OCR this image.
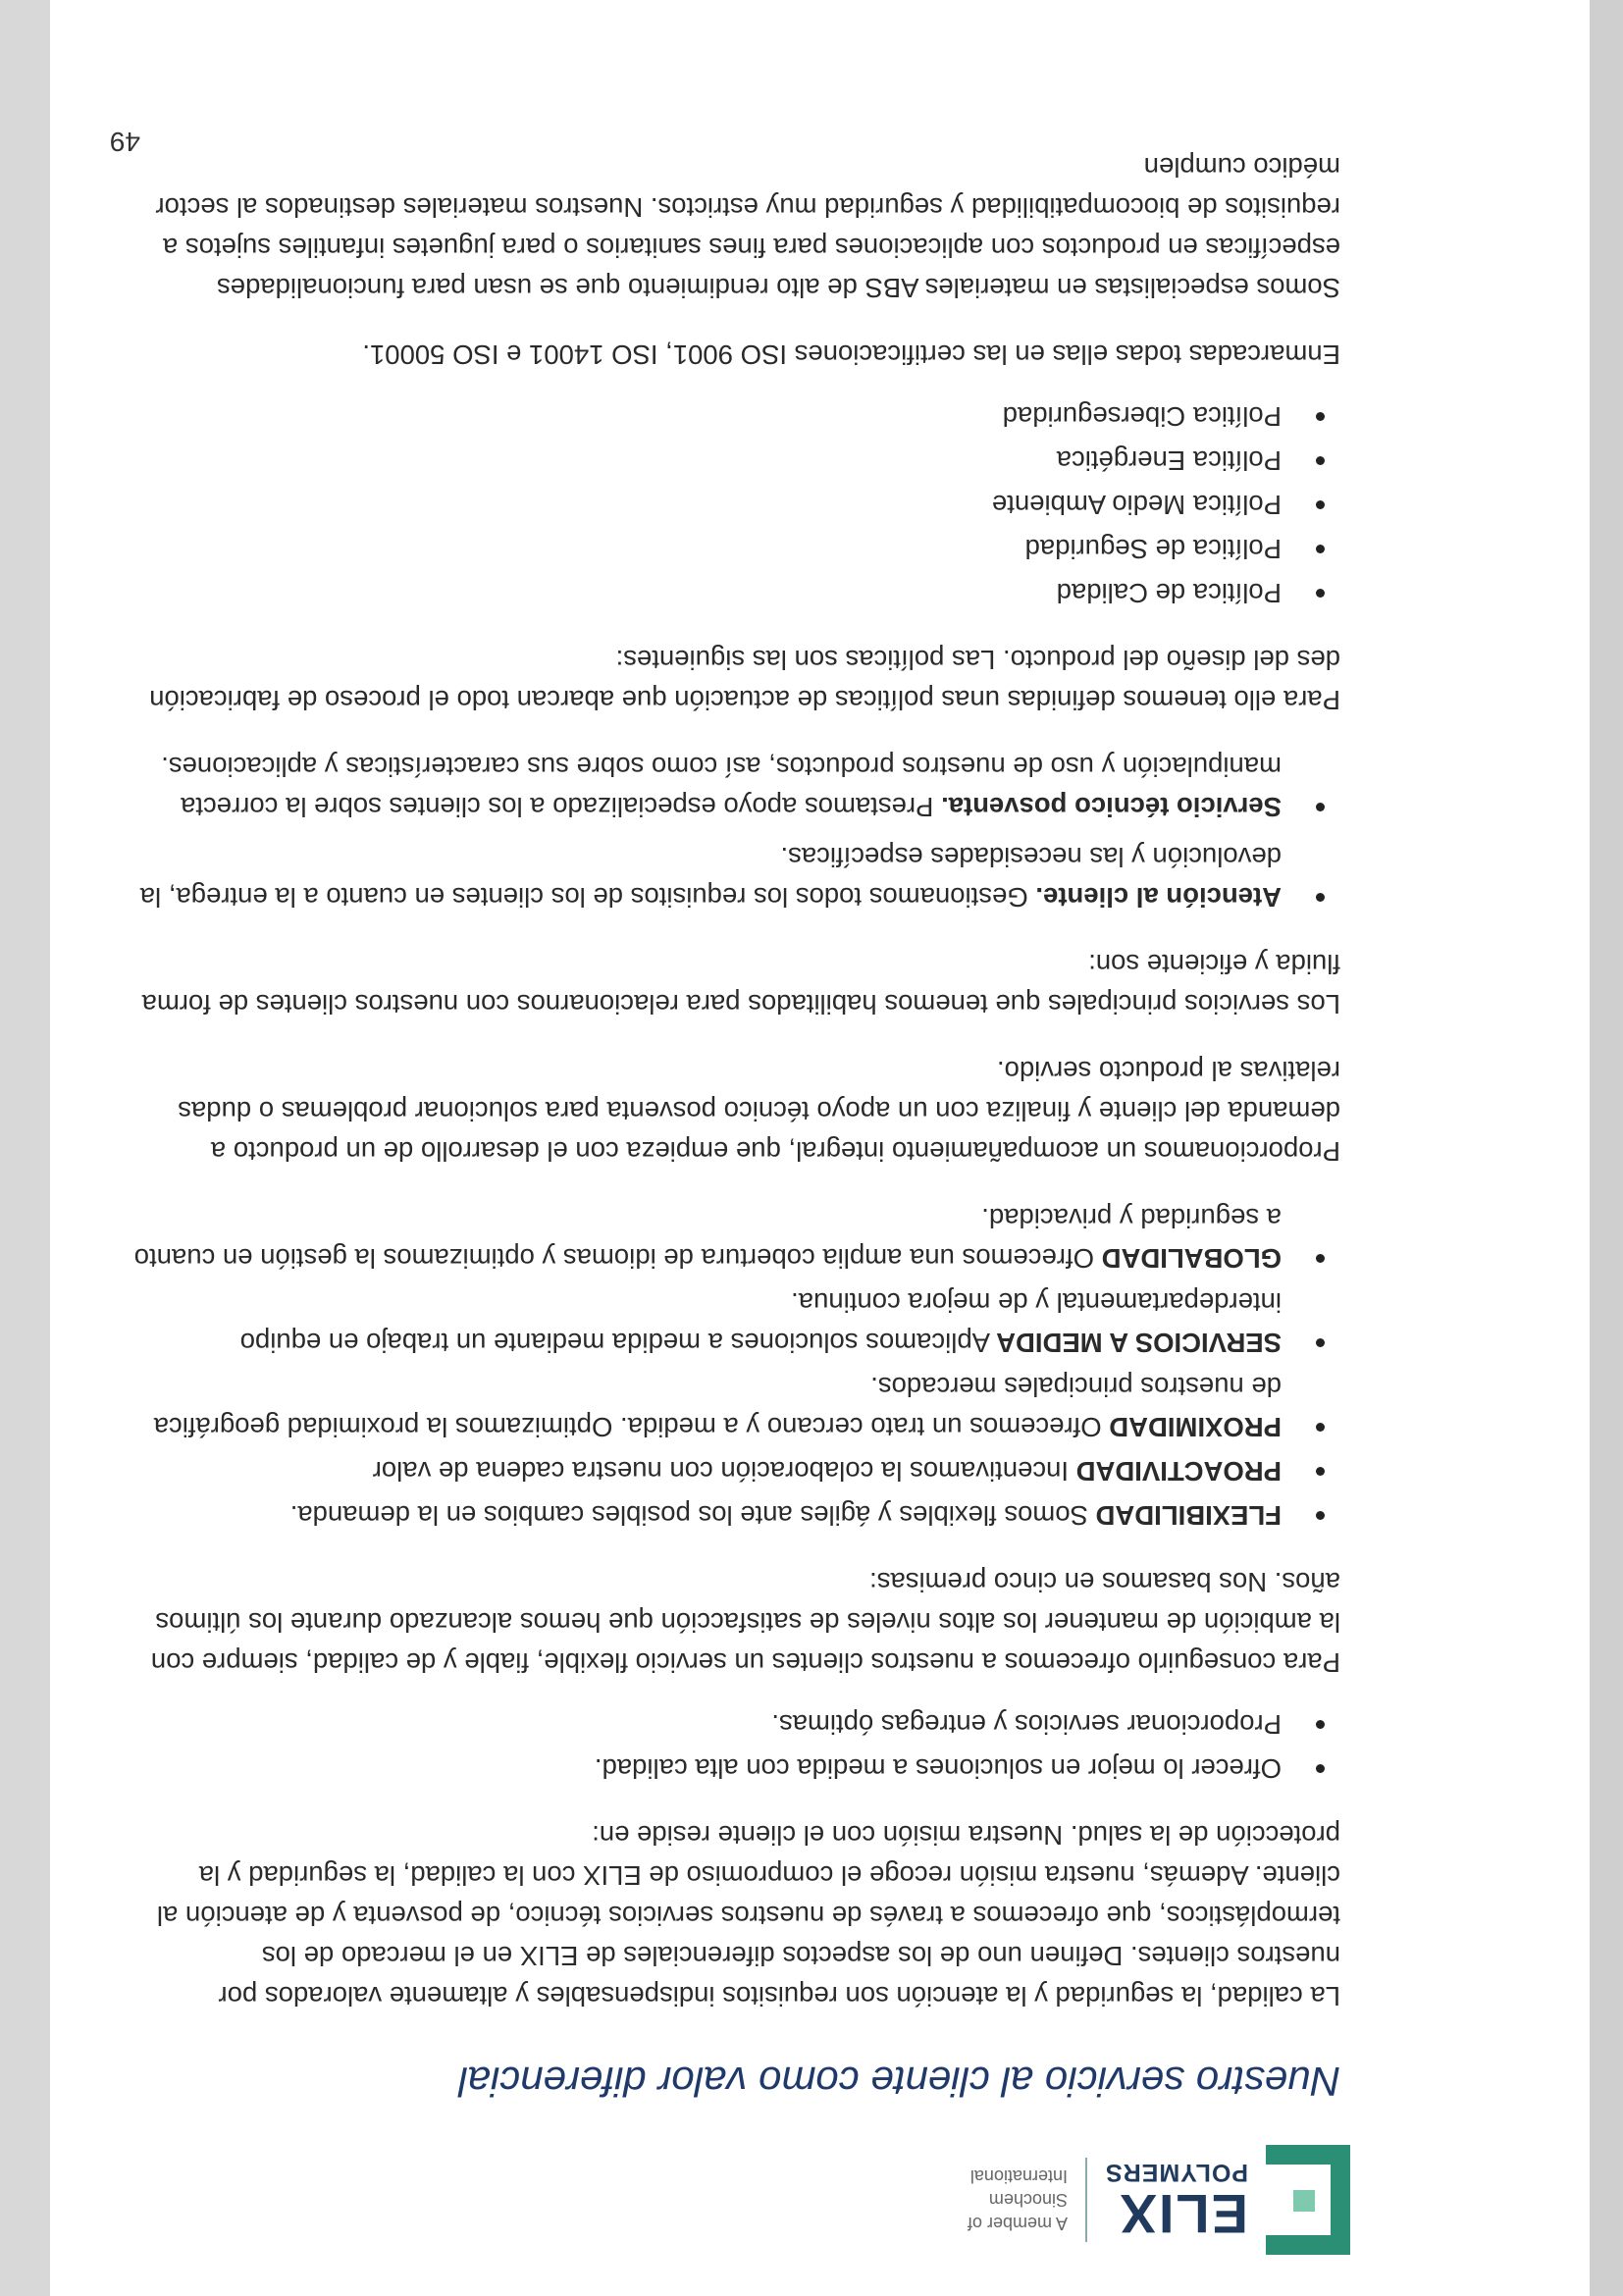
ELIX
POLYMERS
A member of
Sinochem
International
Nuestro servicio al cliente como valor diferencial

La calidad, la seguridad y la atención son requisitos indispensables y altamente valorados por nuestros clientes. Definen uno de los aspectos diferenciales de ELIX en el mercado de los termoplásticos, que ofrecemos a través de nuestros servicios técnico, de posventa y de atención al cliente. Además, nuestra misión recoge el compromiso de ELIX con la calidad, la seguridad y la protección de la salud. Nuestra misión con el cliente reside en:

Ofrecer lo mejor en soluciones a medida con alta calidad.
Proporcionar servicios y entregas óptimas.

Para conseguirlo ofrecemos a nuestros clientes un servicio flexible, fiable y de calidad, siempre con la ambición de mantener los altos niveles de satisfacción que hemos alcanzado durante los últimos años. Nos basamos en cinco premisas:

FLEXIBILIDAD Somos flexibles y ágiles ante los posibles cambios en la demanda.
PROACTIVIDAD Incentivamos la colaboración con nuestra cadena de valor
PROXIMIDAD Ofrecemos un trato cercano y a medida. Optimizamos la proximidad geográfica de nuestros principales mercados.
SERVICIOS A MEDIDA Aplicamos soluciones a medida mediante un trabajo en equipo interdepartamental y de mejora continua.
GLOBALIDAD Ofrecemos una amplia cobertura de idiomas y optimizamos la gestión en cuanto a seguridad y privacidad.

Proporcionamos un acompañamiento integral, que empieza con el desarrollo de un producto a demanda del cliente y finaliza con un apoyo técnico posventa para solucionar problemas o dudas relativas al producto servido.

Los servicios principales que tenemos habilitados para relacionarnos con nuestros clientes de forma fluida y eficiente son:

Atención al cliente. Gestionamos todos los requisitos de los clientes en cuanto a la entrega, la devolución y las necesidades específicas.
Servicio técnico posventa. Prestamos apoyo especializado a los clientes sobre la correcta manipulación y uso de nuestros productos, así como sobre sus características y aplicaciones.

Para ello tenemos definidas unas políticas de actuación que abarcan todo el proceso de fabricación des del diseño del producto. Las políticas son las siguientes:

Política de Calidad
Política de Seguridad
Política Medio Ambiente
Política Energética
Política Ciberseguridad

Enmarcadas todas ellas en las certificaciones ISO 9001, ISO 14001 e ISO 50001.

Somos especialistas en materiales ABS de alto rendimiento que se usan para funcionalidades específicas en productos con aplicaciones para fines sanitarios o para juguetes infantiles sujetos a requisitos de biocompatibilidad y seguridad muy estrictos. Nuestros materiales destinados al sector médico cumplen

49
